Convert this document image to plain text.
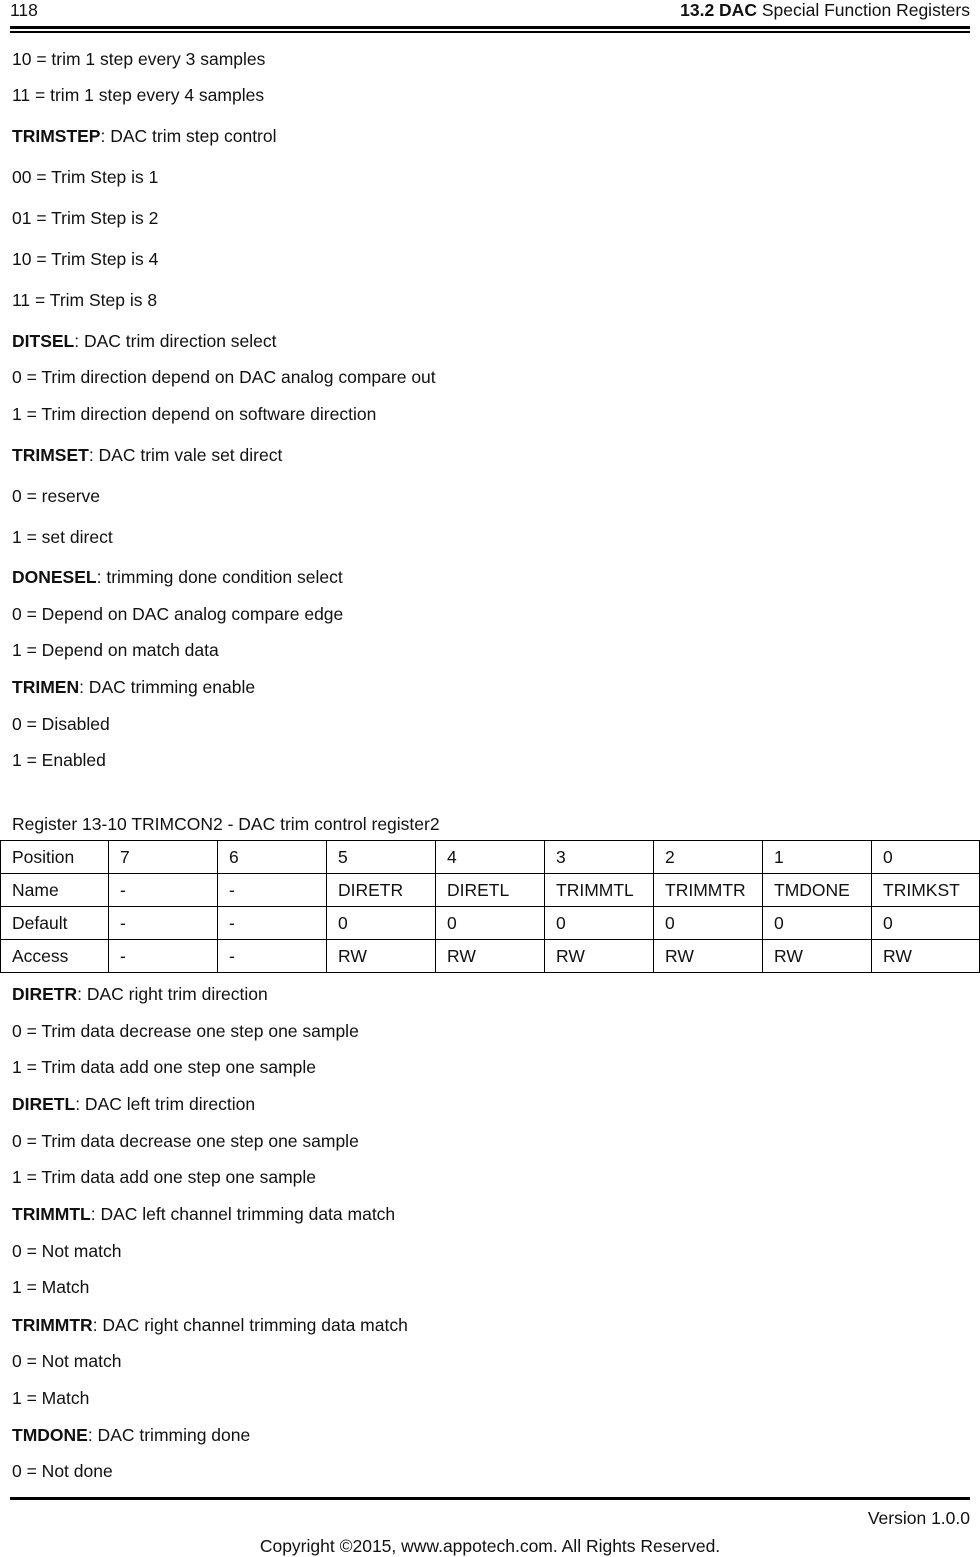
118	13.2 DAC Special Function Registers
10 = trim 1 step every 3 samples
11 = trim 1 step every 4 samples
TRIMSTEP: DAC trim step control
00 = Trim Step is 1
01 = Trim Step is 2
10 = Trim Step is 4
11 = Trim Step is 8
DITSEL: DAC trim direction select
0 = Trim direction depend on DAC analog compare out
1 = Trim direction depend on software direction
TRIMSET: DAC trim vale set direct
0 = reserve
1 = set direct
DONESEL: trimming done condition select
0 = Depend on DAC analog compare edge
1 = Depend on match data
TRIMEN: DAC trimming enable
0 = Disabled
1 = Enabled
Register 13-10 TRIMCON2 - DAC trim control register2
Position	7	6	5	4	3	2	1	0
Name	-	-	DIRETR	DIRETL	TRIMMTL	TRIMMTR	TMDONE	TRIMKST
Default	-	-	0	0	0	0	0	0
Access	-	-	RW	RW	RW	RW	RW	RW
DIRETR: DAC right trim direction
0 = Trim data decrease one step one sample
1 = Trim data add one step one sample
DIRETL: DAC left trim direction
0 = Trim data decrease one step one sample
1 = Trim data add one step one sample
TRIMMTL: DAC left channel trimming data match
0 = Not match
1 = Match
TRIMMTR: DAC right channel trimming data match
0 = Not match
1 = Match
TMDONE: DAC trimming done
0 = Not done
Version 1.0.0
Copyright ©2015, www.appotech.com. All Rights Reserved.
